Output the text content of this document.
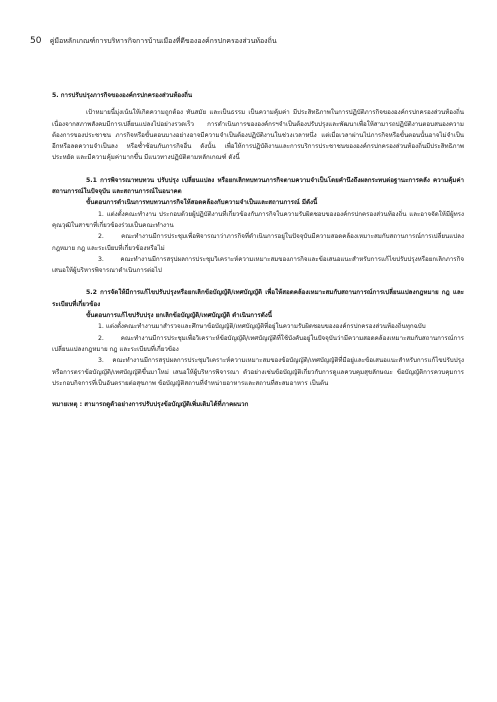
50 คู่มือหลักเกณฑ์การบริหารกิจการบ้านเมืองที่ดีขององค์กรปกครองส่วนท้องถิ่น

5. การปรับปรุงภารกิจขององค์กรปกครองส่วนท้องถิ่น

เป้าหมายนี้มุ่งเน้นให้เกิดความถูกต้อง ทันสมัย และเป็นธรรม เป็นความคุ้มค่า มีประสิทธิภาพในการปฏิบัติภารกิจขององค์กรปกครองส่วนท้องถิ่น เนื่องจากสภาพสังคมมีการเปลี่ยนแปลงไปอย่างรวดเร็ว การดำเนินการขององค์กรฯจำเป็นต้องปรับปรุงและพัฒนาเพื่อให้สามารถปฏิบัติงานตอบสนองความต้องการของประชาชน ภารกิจหรือขั้นตอนบางอย่างอาจมีความจำเป็นต้องปฏิบัติงานในช่วงเวลาหนึ่ง แต่เมื่อเวลาผ่านไปภารกิจหรือขั้นตอนนั้นอาจไม่จำเป็นอีกหรือลดความจำเป็นลง หรือซ้ำซ้อนกับภารกิจอื่น ดังนั้น เพื่อให้การปฏิบัติงานและการบริการประชาชนขององค์กรปกครองส่วนท้องถิ่นมีประสิทธิภาพ ประหยัด และมีความคุ้มค่ามากขึ้น มีแนวทางปฏิบัติตามหลักเกณฑ์ ดังนี้

5.1 การพิจารณาทบทวน ปรับปรุง เปลี่ยนแปลง หรือยกเลิกทบทวนภารกิจตามความจำเป็นโดยคำนึงถึงผลกระทบต่อฐานะการคลัง ความคุ้มค่า สถานการณ์ในปัจจุบัน และสถานการณ์ในอนาคต

ขั้นตอนการดำเนินการทบทวนภารกิจให้สอดคล้องกับความจำเป็นและสถานการณ์ มีดังนี้

1. แต่งตั้งคณะทำงาน ประกอบด้วยผู้ปฏิบัติงานที่เกี่ยวข้องกับภารกิจในความรับผิดชอบขององค์กรปกครองส่วนท้องถิ่น และอาจจัดให้มีผู้ทรงคุณวุฒิในสาขาที่เกี่ยวข้องร่วมเป็นคณะทำงาน

2. คณะทำงานมีการประชุมเพื่อพิจารณาว่าภารกิจที่ดำเนินการอยู่ในปัจจุบันมีความสอดคล้องเหมาะสมกับสถานการณ์การเปลี่ยนแปลงกฎหมาย กฎ และระเบียบที่เกี่ยวข้องหรือไม่

3. คณะทำงานมีการสรุปผลการประชุมวิเคราะห์ความเหมาะสมของภารกิจและข้อเสนอแนะสำหรับการแก้ไขปรับปรุงหรือยกเลิกภารกิจ เสนอให้ผู้บริหารพิจารณาดำเนินการต่อไป

5.2 การจัดให้มีการแก้ไขปรับปรุงหรือยกเลิกข้อบัญญัติ/เทศบัญญัติ เพื่อให้สอดคล้องเหมาะสมกับสถานการณ์การเปลี่ยนแปลงกฎหมาย กฎ และระเบียบที่เกี่ยวข้อง

ขั้นตอนการแก้ไขปรับปรุง ยกเลิกข้อบัญญัติ/เทศบัญญัติ ดำเนินการดังนี้

1. แต่งตั้งคณะทำงานมาสำรวจและศึกษาข้อบัญญัติ/เทศบัญญัติที่อยู่ในความรับผิดชอบขององค์กรปกครองส่วนท้องถิ่นทุกฉบับ

2. คณะทำงานมีการประชุมเพื่อวิเคราะห์ข้อบัญญัติ/เทศบัญญัติที่ใช้บังคับอยู่ในปัจจุบันว่ามีความสอดคล้องเหมาะสมกับสถานการณ์การเปลี่ยนแปลงกฎหมาย กฎ และระเบียบที่เกี่ยวข้อง

3. คณะทำงานมีการสรุปผลการประชุมวิเคราะห์ความเหมาะสมของข้อบัญญัติ/เทศบัญญัติที่มีอยู่และข้อเสนอแนะสำหรับการแก้ไขปรับปรุง หรือการตราข้อบัญญัติ/เทศบัญญัติขึ้นมาใหม่ เสนอให้ผู้บริหารพิจารณา ตัวอย่างเช่นข้อบัญญัติเกี่ยวกับการดูแลควบคุมสุขลักษณะ ข้อบัญญัติการควบคุมการประกอบกิจการที่เป็นอันตรายต่อสุขภาพ ข้อบัญญัติสถานที่จำหน่ายอาหารและสถานที่สะสมอาหาร เป็นต้น

หมายเหตุ : สามารถดูตัวอย่างการปรับปรุงข้อบัญญัติเพิ่มเติมได้ที่ภาคผนวก
